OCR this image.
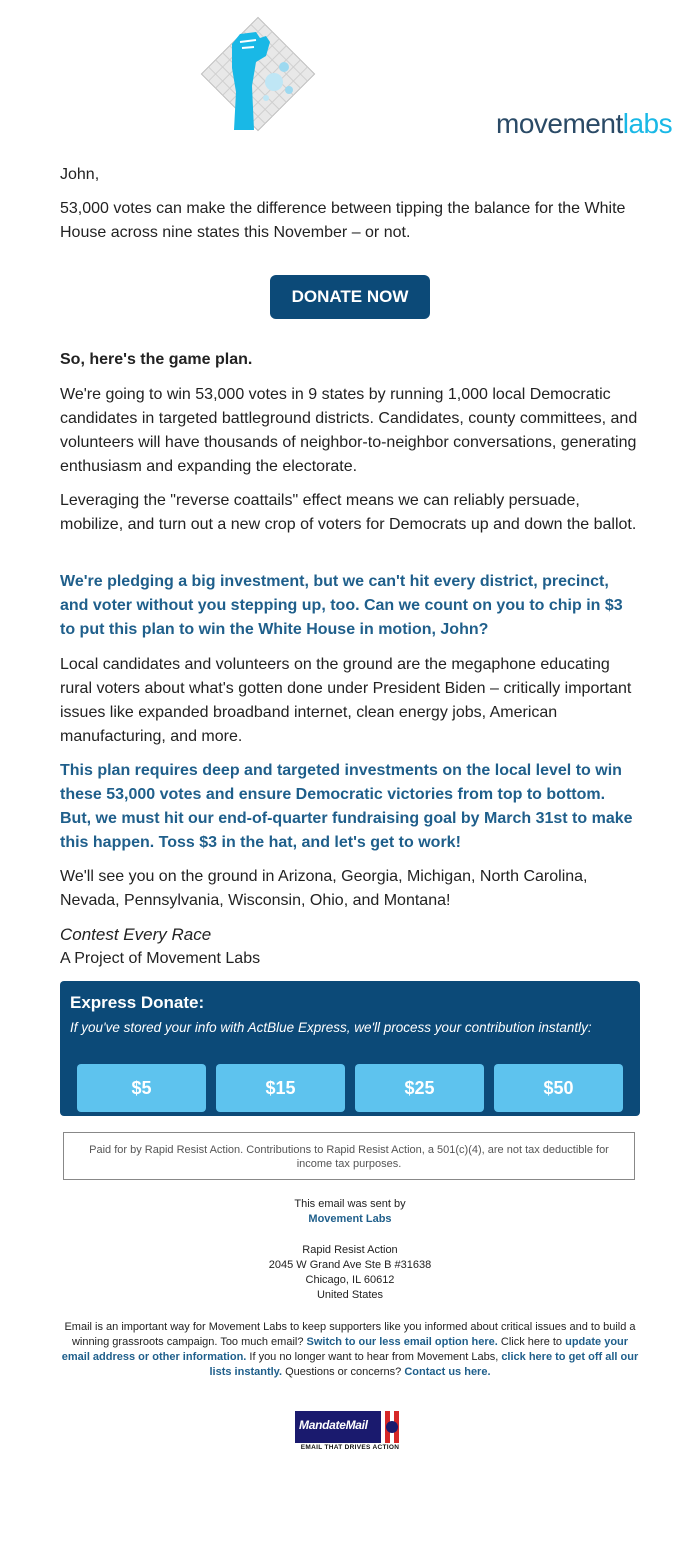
movementlabs

John,

53,000 votes can make the difference between tipping the balance for the White House across nine states this November – or not.

DONATE NOW

So, here's the game plan.

We're going to win 53,000 votes in 9 states by running 1,000 local Democratic candidates in targeted battleground districts. Candidates, county committees, and volunteers will have thousands of neighbor-to-neighbor conversations, generating enthusiasm and expanding the electorate.

Leveraging the "reverse coattails" effect means we can reliably persuade, mobilize, and turn out a new crop of voters for Democrats up and down the ballot.

We're pledging a big investment, but we can't hit every district, precinct, and voter without you stepping up, too. Can we count on you to chip in $3 to put this plan to win the White House in motion, John?

Local candidates and volunteers on the ground are the megaphone educating rural voters about what's gotten done under President Biden – critically important issues like expanded broadband internet, clean energy jobs, American manufacturing, and more.

This plan requires deep and targeted investments on the local level to win these 53,000 votes and ensure Democratic victories from top to bottom. But, we must hit our end-of-quarter fundraising goal by March 31st to make this happen. Toss $3 in the hat, and let's get to work!

We'll see you on the ground in Arizona, Georgia, Michigan, North Carolina, Nevada, Pennsylvania, Wisconsin, Ohio, and Montana!

Contest Every Race

A Project of Movement Labs

Express Donate:
If you've stored your info with ActBlue Express, we'll process your contribution instantly:
$5	$15	$25	$50
Paid for by Rapid Resist Action. Contributions to Rapid Resist Action, a 501(c)(4), are not tax deductible for income tax purposes.
This email was sent by
Movement Labs
Rapid Resist Action
2045 W Grand Ave Ste B #31638
Chicago, IL 60612
United States
Email is an important way for Movement Labs to keep supporters like you informed about critical issues and to build a winning grassroots campaign. Too much email? Switch to our less email option here. Click here to update your email address or other information. If you no longer want to hear from Movement Labs, click here to get off all our lists instantly. Questions or concerns? Contact us here.
MandateMail
EMAIL THAT DRIVES ACTION
